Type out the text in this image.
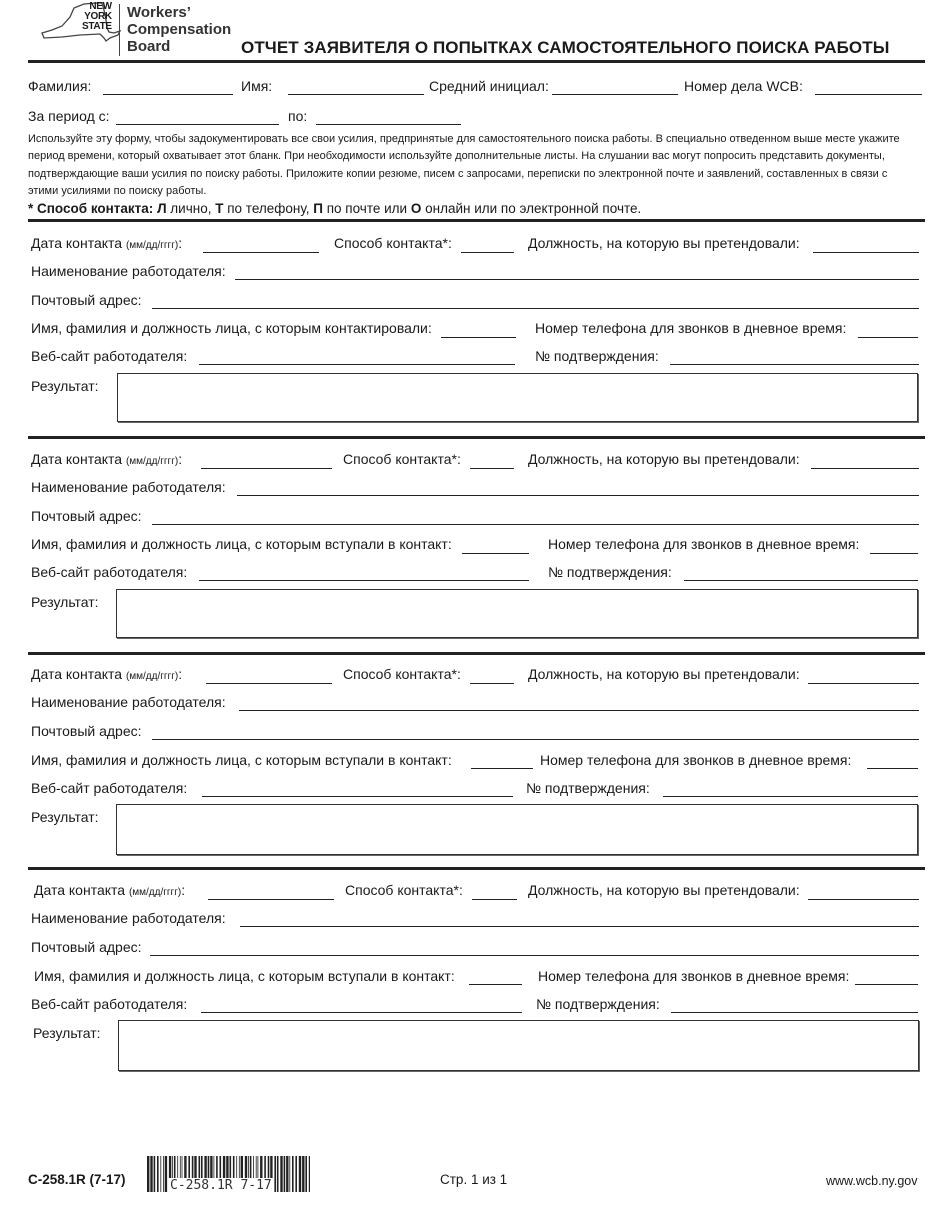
NEW
YORK
STATE
Workers’
Compensation
Board	ОТЧЕТ ЗАЯВИТЕЛЯ О ПОПЫТКАХ САМОСТОЯТЕЛЬНОГО ПОИСКА РАБОТЫ
Фамилия:	Имя:	Средний инициал:	Номер дела WCB:
За период с:	по:
Используйте эту форму, чтобы задокументировать все свои усилия, предпринятые для самостоятельного поиска работы. В специально отведенном выше месте укажите период времени, который охватывает этот бланк. При необходимости используйте дополнительные листы. На слушании вас могут попросить представить документы, подтверждающие ваши усилия по поиску работы. Приложите копии резюме, писем с запросами, переписки по электронной почте и заявлений, составленных в связи с этими усилиями по поиску работы.
* Способ контакта: Л лично, Т по телефону, П по почте или О онлайн или по электронной почте.
Дата контакта (мм/дд/гггг):	Способ контакта*:	Должность, на которую вы претендовали:
Наименование работодателя:
Почтовый адрес:
Имя, фамилия и должность лица, с которым контактировали:	Номер телефона для звонков в дневное время:
Веб-сайт работодателя:	№ подтверждения:
Результат:
Дата контакта (мм/дд/гггг):	Способ контакта*:	Должность, на которую вы претендовали:
Наименование работодателя:
Почтовый адрес:
Имя, фамилия и должность лица, с которым вступали в контакт:	Номер телефона для звонков в дневное время:
Веб-сайт работодателя:	№ подтверждения:
Результат:
Дата контакта (мм/дд/гггг):	Способ контакта*:	Должность, на которую вы претендовали:
Наименование работодателя:
Почтовый адрес:
Имя, фамилия и должность лица, с которым вступали в контакт:	Номер телефона для звонков в дневное время:
Веб-сайт работодателя:	№ подтверждения:
Результат:
Дата контакта (мм/дд/гггг):	Способ контакта*:	Должность, на которую вы претендовали:
Наименование работодателя:
Почтовый адрес:
Имя, фамилия и должность лица, с которым вступали в контакт:	Номер телефона для звонков в дневное время:
Веб-сайт работодателя:	№ подтверждения:
Результат:
C-258.1R (7-17)	C-258.1R 7-17	Стр. 1 из 1	www.wcb.ny.gov
